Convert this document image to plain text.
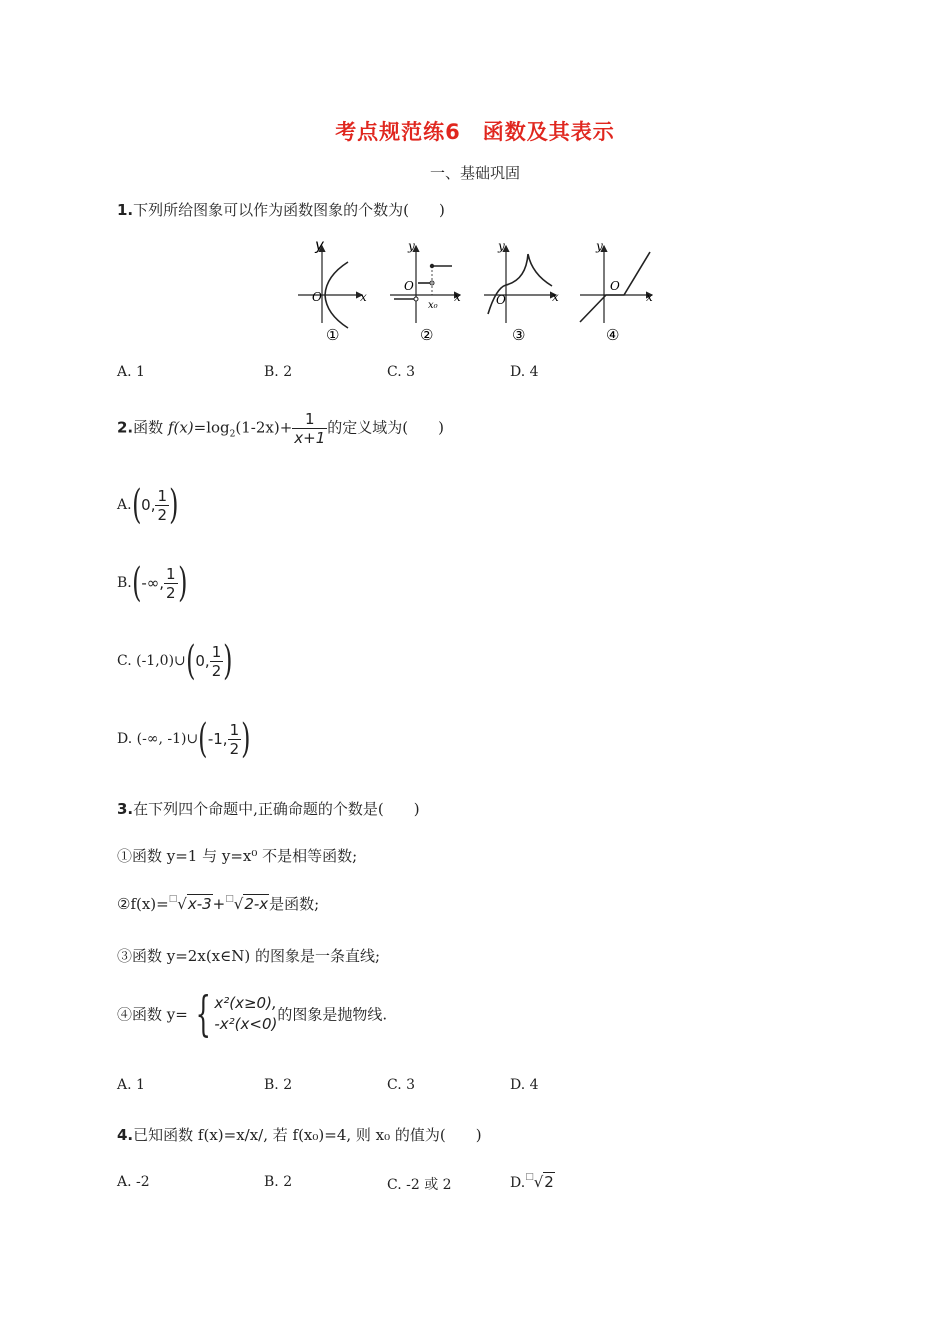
考点规范练6　函数及其表示
一、基础巩固
1.下列所给图象可以作为函数图象的个数为(　　)
y
O	x
y
O
x₀
x
y
O	x
y
O
x
①	②	③	④
A. 1	B. 2	C. 3	D. 4
2.函数 $f(x)=\log_2(1-2x)+ \frac{1}{x+1}$ 的定义域为(　　)
A.(0, $\frac{1}{2}$ )
B.(-∞, $\frac{1}{2}$ )
C. (-1,0)∪(0, $\frac{1}{2}$ )
D. (-∞, -1)∪(-1, $\frac{1}{2}$ )
3.在下列四个命题中,正确命题的个数是(　　)
①函数 y=1 与 y=x⁰ 不是相等函数;
②f(x)=□√x-3+□√2-x是函数;
③函数 y=2x(x∈N) 的图象是一条直线;
④函数 y= { x²(x≥0),
-x²(x<0)
的图象是抛物线.
A. 1	B. 2	C. 3	D. 4
4.已知函数 f(x)=x/x/, 若 f(x₀)=4, 则 x₀ 的值为(　　)
A. -2	B. 2	C. -2 或 2	D.□√2
